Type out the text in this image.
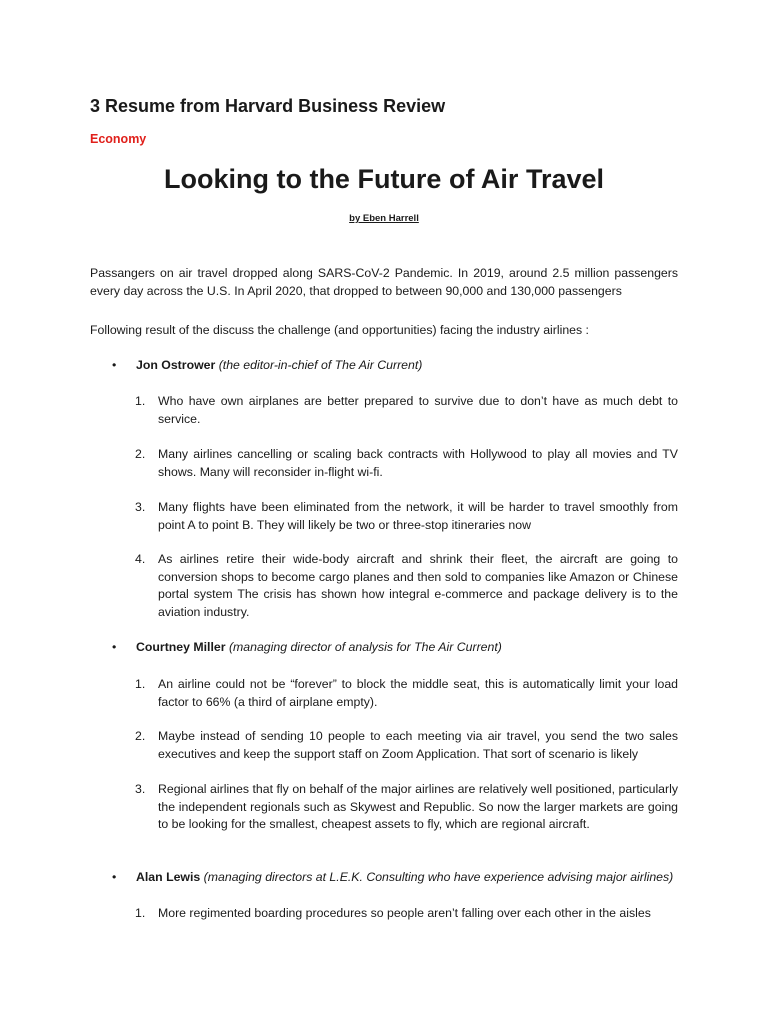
3 Resume from Harvard Business Review
Economy
Looking to the Future of Air Travel
by Eben Harrell

Passangers on air travel dropped along SARS-CoV-2 Pandemic. In 2019, around 2.5 million passengers every day across the U.S. In April 2020, that dropped to between 90,000 and 130,000 passengers

Following result of the discuss the challenge (and opportunities) facing the industry airlines :

• Jon Ostrower (the editor-in-chief of The Air Current)
1. Who have own airplanes are better prepared to survive due to don’t have as much debt to service.

2. Many airlines cancelling or scaling back contracts with Hollywood to play all movies and TV shows. Many will reconsider in-flight wi-fi.

3. Many flights have been eliminated from the network, it will be harder to travel smoothly from point A to point B. They will likely be two or three-stop itineraries now

4. As airlines retire their wide-body aircraft and shrink their fleet, the aircraft are going to conversion shops to become cargo planes and then sold to companies like Amazon or Chinese portal system The crisis has shown how integral e-commerce and package delivery is to the aviation industry.

• Courtney Miller (managing director of analysis for The Air Current)
1. An airline could not be “forever” to block the middle seat, this is automatically limit your load factor to 66% (a third of airplane empty).

2. Maybe instead of sending 10 people to each meeting via air travel, you send the two sales executives and keep the support staff on Zoom Application. That sort of scenario is likely

3. Regional airlines that fly on behalf of the major airlines are relatively well positioned, particularly the independent regionals such as Skywest and Republic. So now the larger markets are going to be looking for the smallest, cheapest assets to fly, which are regional aircraft.

• Alan Lewis (managing directors at L.E.K. Consulting who have experience advising major airlines)
1. More regimented boarding procedures so people aren’t falling over each other in the aisles
